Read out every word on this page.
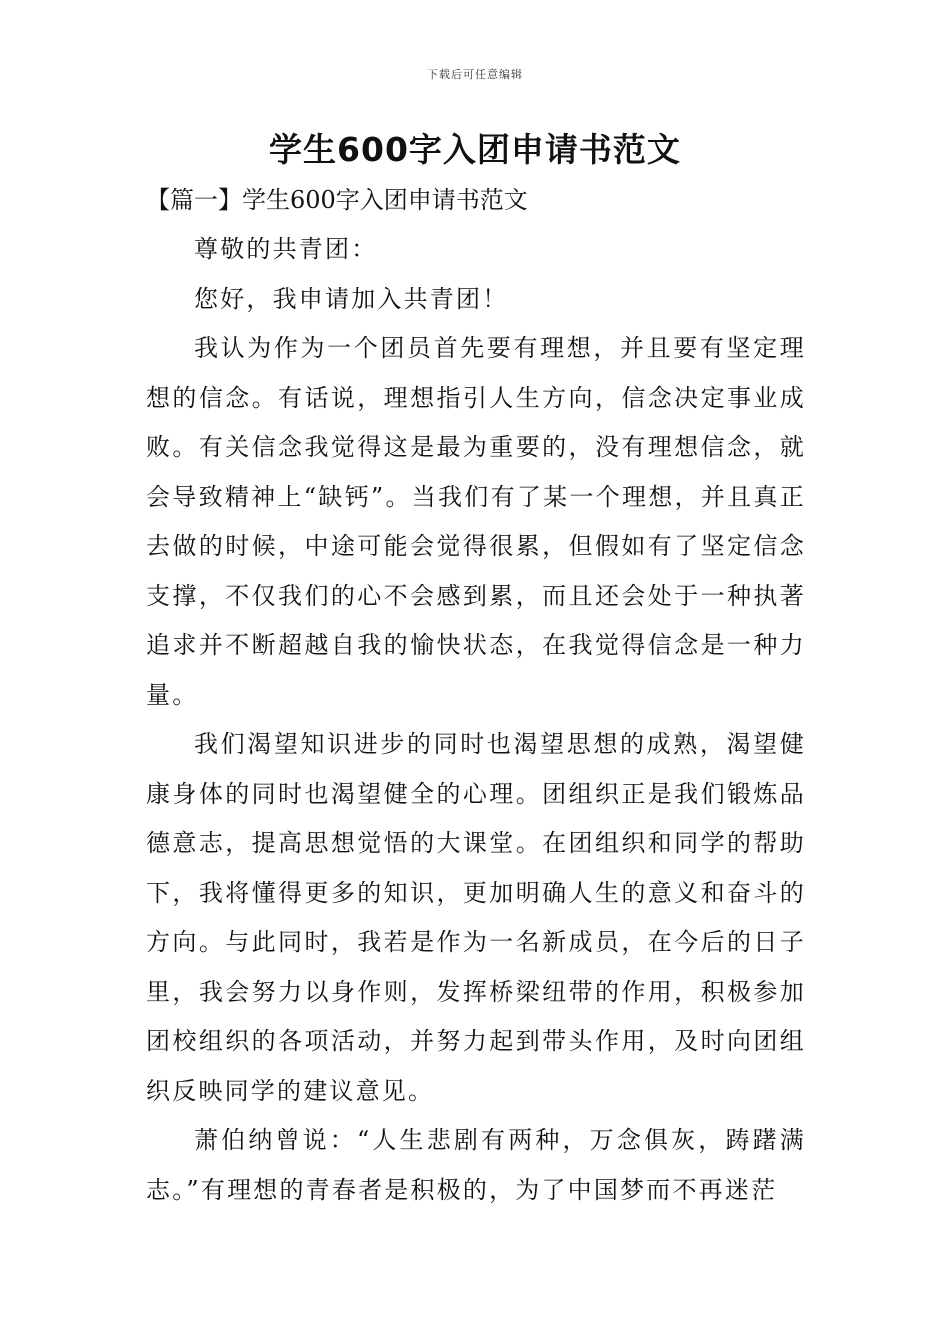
下载后可任意编辑
学生600字入团申请书范文
【篇一】学生600字入团申请书范文

尊敬的共青团：

您好，我申请加入共青团！

我认为作为一个团员首先要有理想，并且要有坚定理想的信念。有话说，理想指引人生方向，信念决定事业成败。有关信念我觉得这是最为重要的，没有理想信念，就会导致精神上“缺钙”。当我们有了某一个理想，并且真正去做的时候，中途可能会觉得很累，但假如有了坚定信念支撑，不仅我们的心不会感到累，而且还会处于一种执著追求并不断超越自我的愉快状态，在我觉得信念是一种力量。

我们渴望知识进步的同时也渴望思想的成熟，渴望健康身体的同时也渴望健全的心理。团组织正是我们锻炼品德意志，提高思想觉悟的大课堂。在团组织和同学的帮助下，我将懂得更多的知识，更加明确人生的意义和奋斗的方向。与此同时，我若是作为一名新成员，在今后的日子里，我会努力以身作则，发挥桥梁纽带的作用，积极参加团校组织的各项活动，并努力起到带头作用，及时向团组织反映同学的建议意见。

萧伯纳曾说：“人生悲剧有两种，万念俱灰，踌躇满志。”有理想的青春者是积极的，为了中国梦而不再迷茫
